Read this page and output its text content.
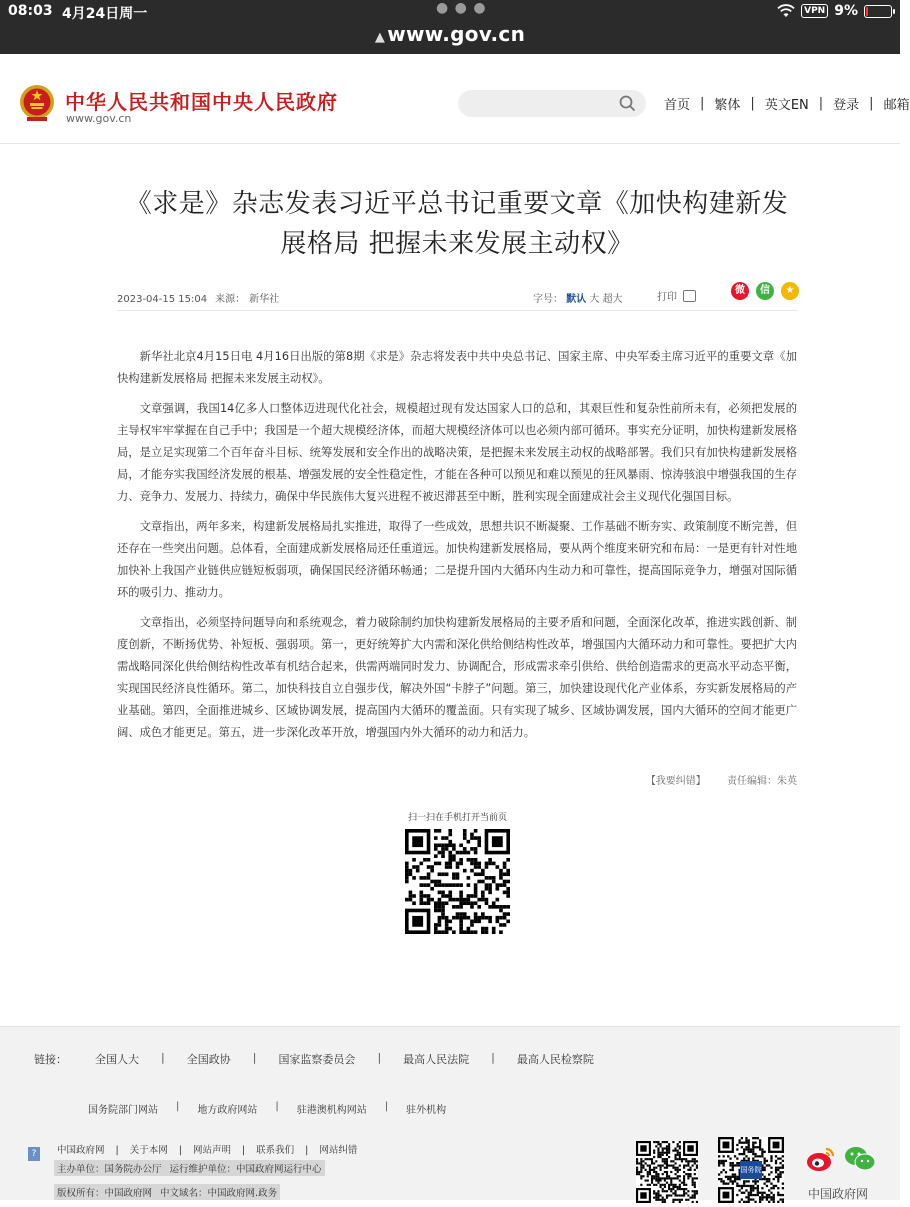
08:03 4月24日周一	● ● ●	VPN 9%
▲ www.gov.cn
中华人民共和国中央人民政府
www.gov.cn
首页 | 繁体 | 英文EN | 登录 | 邮箱
《求是》杂志发表习近平总书记重要文章《加快构建新发展格局 把握未来发展主动权》
2023-04-15 15:04 来源： 新华社	字号： 默认 大 超大	打印
微	信	★

新华社北京4月15日电 4月16日出版的第8期《求是》杂志将发表中共中央总书记、国家主席、中央军委主席习近平的重要文章《加快构建新发展格局 把握未来发展主动权》。

文章强调，我国14亿多人口整体迈进现代化社会，规模超过现有发达国家人口的总和，其艰巨性和复杂性前所未有，必须把发展的主导权牢牢掌握在自己手中；我国是一个超大规模经济体，而超大规模经济体可以也必须内部可循环。事实充分证明，加快构建新发展格局，是立足实现第二个百年奋斗目标、统筹发展和安全作出的战略决策，是把握未来发展主动权的战略部署。我们只有加快构建新发展格局，才能夯实我国经济发展的根基、增强发展的安全性稳定性，才能在各种可以预见和难以预见的狂风暴雨、惊涛骇浪中增强我国的生存力、竞争力、发展力、持续力，确保中华民族伟大复兴进程不被迟滞甚至中断，胜利实现全面建成社会主义现代化强国目标。

文章指出，两年多来，构建新发展格局扎实推进，取得了一些成效，思想共识不断凝聚、工作基础不断夯实、政策制度不断完善，但还存在一些突出问题。总体看，全面建成新发展格局还任重道远。加快构建新发展格局，要从两个维度来研究和布局：一是更有针对性地加快补上我国产业链供应链短板弱项，确保国民经济循环畅通；二是提升国内大循环内生动力和可靠性，提高国际竞争力，增强对国际循环的吸引力、推动力。

文章指出，必须坚持问题导向和系统观念，着力破除制约加快构建新发展格局的主要矛盾和问题，全面深化改革，推进实践创新、制度创新，不断扬优势、补短板、强弱项。第一，更好统筹扩大内需和深化供给侧结构性改革，增强国内大循环动力和可靠性。要把扩大内需战略同深化供给侧结构性改革有机结合起来，供需两端同时发力、协调配合，形成需求牵引供给、供给创造需求的更高水平动态平衡，实现国民经济良性循环。第二，加快科技自立自强步伐，解决外国“卡脖子”问题。第三，加快建设现代化产业体系，夯实新发展格局的产业基础。第四，全面推进城乡、区域协调发展，提高国内大循环的覆盖面。只有实现了城乡、区域协调发展，国内大循环的空间才能更广阔、成色才能更足。第五，进一步深化改革开放，增强国内外大循环的动力和活力。

【我要纠错】 责任编辑：朱英
扫一扫在手机打开当前页
链接：	全国人大 | 全国政协 | 国家监察委员会 | 最高人民法院 | 最高人民检察院
国务院部门网站 | 地方政府网站 | 驻港澳机构网站 | 驻外机构
?	中国政府网 | 关于本网 | 网站声明 | 联系我们 | 网站纠错
主办单位：国务院办公厅 运行维护单位：中国政府网运行中心
版权所有：中国政府网 中文域名：中国政府网.政务
国务院
中国政府网
